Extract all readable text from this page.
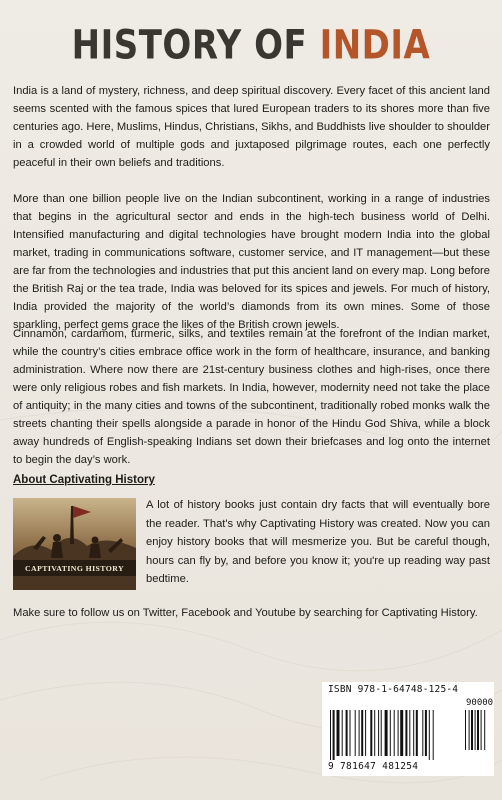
HISTORY OF INDIA

India is a land of mystery, richness, and deep spiritual discovery. Every facet of this ancient land seems scented with the famous spices that lured European traders to its shores more than five centuries ago. Here, Muslims, Hindus, Christians, Sikhs, and Buddhists live shoulder to shoulder in a crowded world of multiple gods and juxtaposed pilgrimage routes, each one perfectly peaceful in their own beliefs and traditions.

More than one billion people live on the Indian subcontinent, working in a range of industries that begins in the agricultural sector and ends in the high-tech business world of Delhi. Intensified manufacturing and digital technologies have brought modern India into the global market, trading in communications software, customer service, and IT management—but these are far from the technologies and industries that put this ancient land on every map. Long before the British Raj or the tea trade, India was beloved for its spices and jewels. For much of history, India provided the majority of the world’s diamonds from its own mines. Some of those sparkling, perfect gems grace the likes of the British crown jewels.

Cinnamon, cardamom, turmeric, silks, and textiles remain at the forefront of the Indian market, while the country’s cities embrace office work in the form of healthcare, insurance, and banking administration. Where now there are 21st-century business clothes and high-rises, once there were only religious robes and fish markets. In India, however, modernity need not take the place of antiquity; in the many cities and towns of the subcontinent, traditionally robed monks walk the streets chanting their spells alongside a parade in honor of the Hindu God Shiva, while a block away hundreds of English-speaking Indians set down their briefcases and log onto the internet to begin the day’s work.

About Captivating History
CAPTIVATING HISTORY

A lot of history books just contain dry facts that will eventually bore the reader. That's why Captivating History was created. Now you can enjoy history books that will mesmerize you. But be careful though, hours can fly by, and before you know it; you're up reading way past bedtime.

Make sure to follow us on Twitter, Facebook and Youtube by searching for Captivating History.

ISBN 978-1-64748-125-4
90000
9 781647 481254
